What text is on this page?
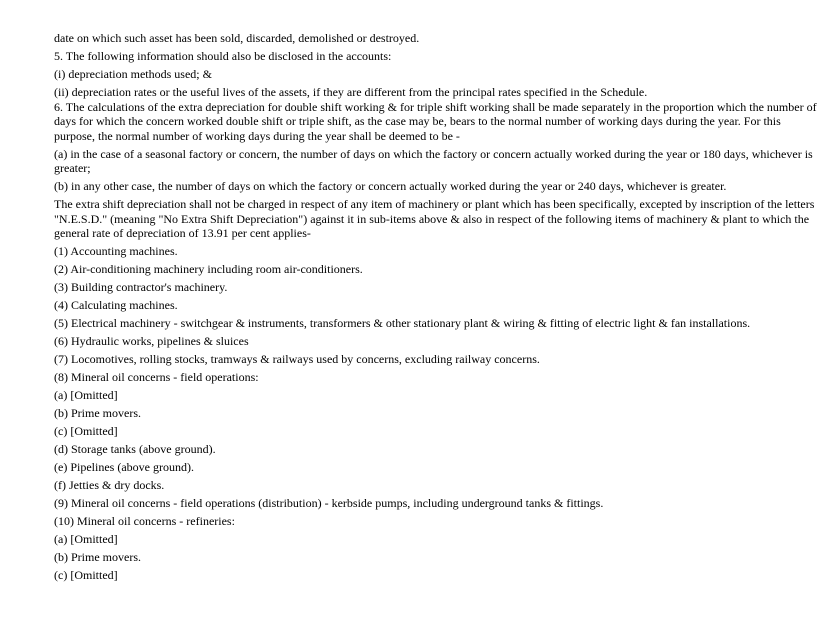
date on which such asset has been sold, discarded, demolished or destroyed.

5. The following information should also be disclosed in the accounts:

(i) depreciation methods used; &

(ii) depreciation rates or the useful lives of the assets, if they are different from the principal rates specified in the Schedule.

6. The calculations of the extra depreciation for double shift working & for triple shift working shall be made separately in the proportion which the number of days for which the concern worked double shift or triple shift, as the case may be, bears to the normal number of working days during the year. For this purpose, the normal number of working days during the year shall be deemed to be -

(a) in the case of a seasonal factory or concern, the number of days on which the factory or concern actually worked during the year or 180 days, whichever is greater;

(b) in any other case, the number of days on which the factory or concern actually worked during the year or 240 days, whichever is greater.

The extra shift depreciation shall not be charged in respect of any item of machinery or plant which has been specifically, excepted by inscription of the letters "N.E.S.D." (meaning "No Extra Shift Depreciation") against it in sub-items above & also in respect of the following items of machinery & plant to which the general rate of depreciation of 13.91 per cent applies-

(1) Accounting machines.

(2) Air-conditioning machinery including room air-conditioners.

(3) Building contractor's machinery.

(4) Calculating machines.

(5) Electrical machinery - switchgear & instruments, transformers & other stationary plant & wiring & fitting of electric light & fan installations.

(6) Hydraulic works, pipelines & sluices

(7) Locomotives, rolling stocks, tramways & railways used by concerns, excluding railway concerns.

(8) Mineral oil concerns - field operations:

(a) [Omitted]

(b) Prime movers.

(c) [Omitted]

(d) Storage tanks (above ground).

(e) Pipelines (above ground).

(f) Jetties & dry docks.

(9) Mineral oil concerns - field operations (distribution) - kerbside pumps, including underground tanks & fittings.

(10) Mineral oil concerns - refineries:

(a) [Omitted]

(b) Prime movers.

(c) [Omitted]
